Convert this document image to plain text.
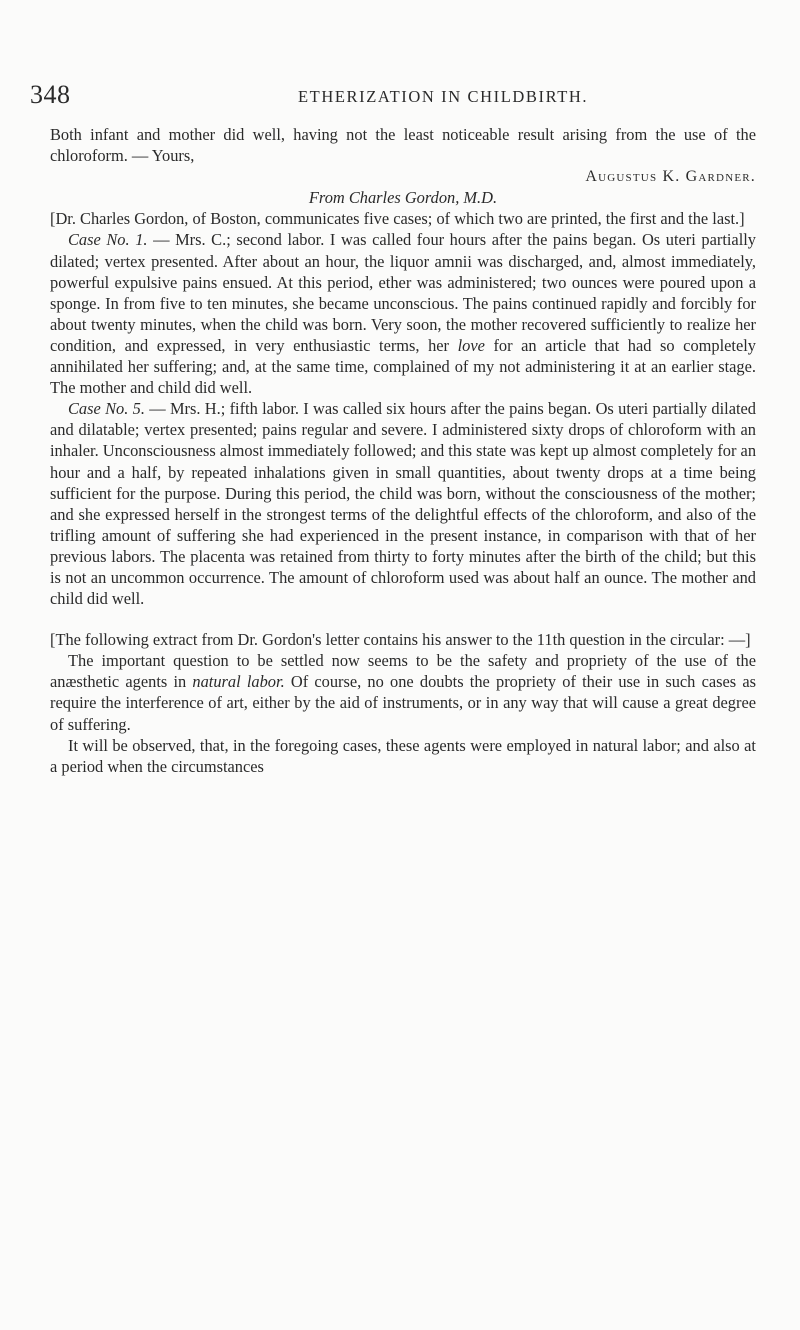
348	ETHERIZATION IN CHILDBIRTH.

Both infant and mother did well, having not the least noticeable result arising from the use of the chloroform. — Yours,

Augustus K. Gardner.

From Charles Gordon, M.D.

[Dr. Charles Gordon, of Boston, communicates five cases; of which two are printed, the first and the last.]

Case No. 1. — Mrs. C.; second labor. I was called four hours after the pains began. Os uteri partially dilated; vertex presented. After about an hour, the liquor amnii was discharged, and, almost immediately, powerful expulsive pains ensued. At this period, ether was administered; two ounces were poured upon a sponge. In from five to ten minutes, she became unconscious. The pains continued rapidly and forcibly for about twenty minutes, when the child was born. Very soon, the mother recovered sufficiently to realize her condition, and expressed, in very enthusiastic terms, her love for an article that had so completely annihilated her suffering; and, at the same time, complained of my not administering it at an earlier stage. The mother and child did well.

Case No. 5. — Mrs. H.; fifth labor. I was called six hours after the pains began. Os uteri partially dilated and dilatable; vertex presented; pains regular and severe. I administered sixty drops of chloroform with an inhaler. Unconsciousness almost immediately followed; and this state was kept up almost completely for an hour and a half, by repeated inhalations given in small quantities, about twenty drops at a time being sufficient for the purpose. During this period, the child was born, without the consciousness of the mother; and she expressed herself in the strongest terms of the delightful effects of the chloroform, and also of the trifling amount of suffering she had experienced in the present instance, in comparison with that of her previous labors. The placenta was retained from thirty to forty minutes after the birth of the child; but this is not an uncommon occurrence. The amount of chloroform used was about half an ounce. The mother and child did well.

[The following extract from Dr. Gordon's letter contains his answer to the 11th question in the circular: —]

The important question to be settled now seems to be the safety and propriety of the use of the anæsthetic agents in natural labor. Of course, no one doubts the propriety of their use in such cases as require the interference of art, either by the aid of instruments, or in any way that will cause a great degree of suffering.

It will be observed, that, in the foregoing cases, these agents were employed in natural labor; and also at a period when the circumstances
